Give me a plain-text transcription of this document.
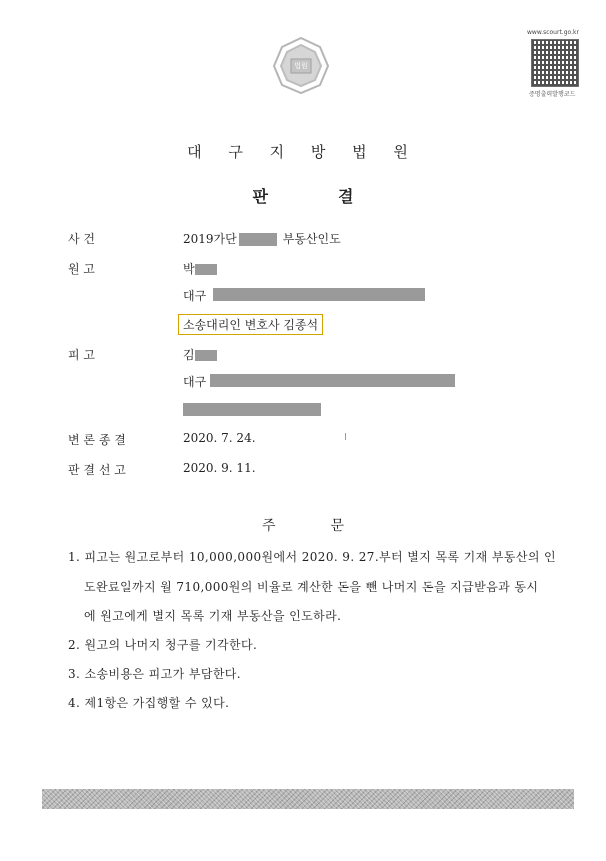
법원
www.scourt.go.kr
증명출력발행코드
대 구 지 방 법 원
판	결
사 건	2019가단	부동산인도
원 고	박
대구
소송대리인 변호사 김종석
피 고	김
대구
변 론 종 결	2020. 7. 24.
판 결 선 고	2020. 9. 11.
주	문
1. 피고는 원고로부터 10,000,000원에서 2020. 9. 27.부터 별지 목록 기재 부동산의 인
도완료일까지 월 710,000원의 비율로 계산한 돈을 뺀 나머지 돈을 지급받음과 동시
에 원고에게 별지 목록 기재 부동산을 인도하라.
2. 원고의 나머지 청구를 기각한다.
3. 소송비용은 피고가 부담한다.
4. 제1항은 가집행할 수 있다.
